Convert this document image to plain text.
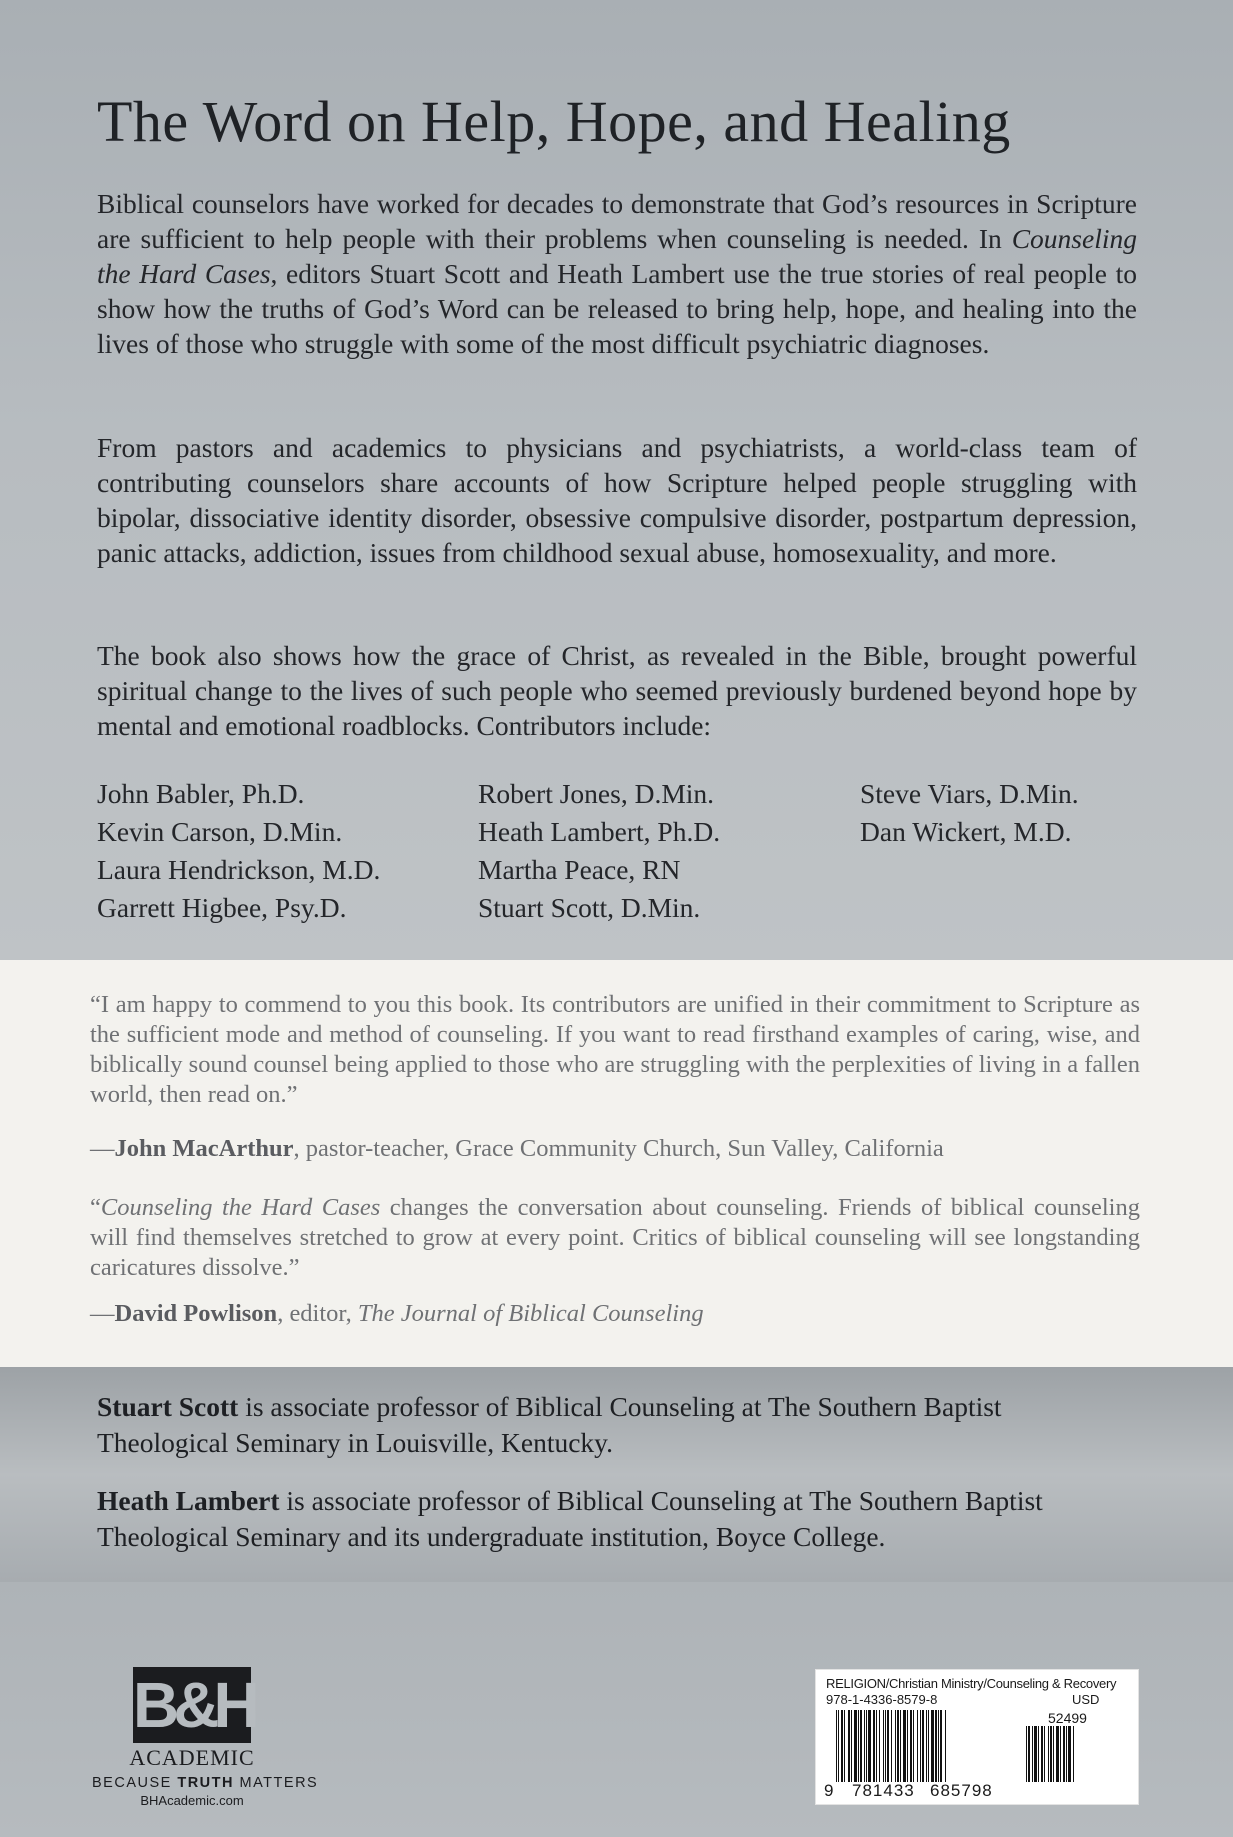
The Word on Help, Hope, and Healing

Biblical counselors have worked for decades to demonstrate that God’s resources in Scripture are sufficient to help people with their problems when counseling is needed. In Counseling the Hard Cases, editors Stuart Scott and Heath Lambert use the true stories of real people to show how the truths of God’s Word can be released to bring help, hope, and healing into the lives of those who struggle with some of the most difficult psychiatric diagnoses.

From pastors and academics to physicians and psychiatrists, a world-class team of contributing counselors share accounts of how Scripture helped people struggling with bipolar, dissociative identity disorder, obsessive compulsive disorder, postpartum depression, panic attacks, addiction, issues from childhood sexual abuse, homosexuality, and more.

The book also shows how the grace of Christ, as revealed in the Bible, brought powerful spiritual change to the lives of such people who seemed previously burdened beyond hope by mental and emotional roadblocks. Contributors include:

John Babler, Ph.D.
Kevin Carson, D.Min.
Laura Hendrickson, M.D.
Garrett Higbee, Psy.D.
Robert Jones, D.Min.
Heath Lambert, Ph.D.
Martha Peace, RN
Stuart Scott, D.Min.
Steve Viars, D.Min.
Dan Wickert, M.D.

“I am happy to commend to you this book. Its contributors are unified in their commitment to Scripture as the sufficient mode and method of counseling. If you want to read firsthand examples of caring, wise, and biblically sound counsel being applied to those who are struggling with the perplexities of living in a fallen world, then read on.”

—John MacArthur, pastor-teacher, Grace Community Church, Sun Valley, California

“Counseling the Hard Cases changes the conversation about counseling. Friends of biblical counseling will find themselves stretched to grow at every point. Critics of biblical counseling will see longstanding caricatures dissolve.”

—David Powlison, editor, The Journal of Biblical Counseling

Stuart Scott is associate professor of Biblical Counseling at The Southern Baptist Theological Seminary in Louisville, Kentucky.

Heath Lambert is associate professor of Biblical Counseling at The Southern Baptist Theological Seminary and its undergraduate institution, Boyce College.

B&H
ACADEMIC
BECAUSE TRUTH MATTERS
BHAcademic.com
RELIGION/Christian Ministry/Counseling & Recovery
978-1-4336-8579-8	USD
52499
9 781433 685798
